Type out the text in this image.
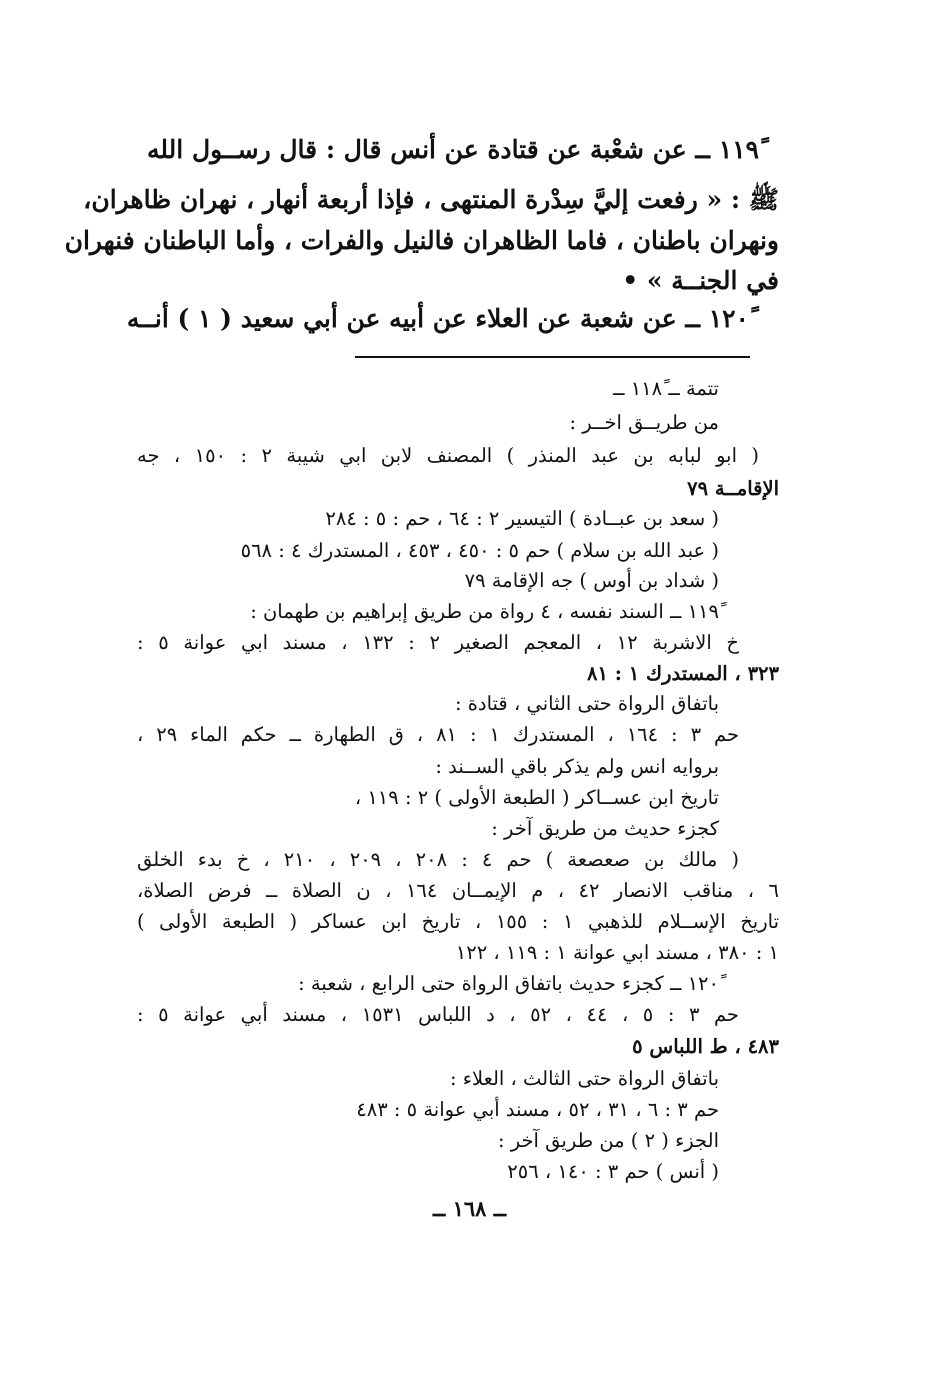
١١٩ً ــ عن شعْبة عن قتادة عن أنس قال : قال رســول الله
ﷺ : « رفعت إليَّ سِدْرة المنتهى ، فإذا أربعة أنهار ، نهران ظاهران،
ونهران باطنان ، فاما الظاهران فالنيل والفرات ، وأما الباطنان فنهران
في الجنــة » •
١٢٠ً ــ عن شعبة عن العلاء عن أبيه عن أبي سعيد ( ١ ) أنــه
تتمة ــ ١١٨ً ــ
من طريــق اخــر :
( ابو لبابه بن عبد المنذر ) المصنف لابن ابي شيبة ٢ : ١٥٠ ، جه
الإقامــة ٧٩
( سعد بن عبــادة ) التيسير ٢ : ٦٤ ، حم : ٥ : ٢٨٤
( عبد الله بن سلام ) حم ٥ : ٤٥٠ ، ٤٥٣ ، المستدرك ٤ : ٥٦٨
( شداد بن أوس ) جه الإقامة ٧٩
١١٩ً ــ السند نفسه ، ٤ رواة من طريق إبراهيم بن طهمان :
خ الاشربة ١٢ ، المعجم الصغير ٢ : ١٣٢ ، مسند ابي عوانة ٥ :
٣٢٣ ، المستدرك ١ : ٨١
باتفاق الرواة حتى الثاني ، قتادة :
حم ٣ : ١٦٤ ، المستدرك ١ : ٨١ ، ق الطهارة ــ حكم الماء ٢٩ ،
بروايه انس ولم يذكر باقي الســند :
تاريخ ابن عســاكر ( الطبعة الأولى ) ٢ : ١١٩ ،
كجزء حديث من طريق آخر :
( مالك بن صعصعة ) حم ٤ : ٢٠٨ ، ٢٠٩ ، ٢١٠ ، خ بدء الخلق
٦ ، مناقب الانصار ٤٢ ، م الإيمــان ١٦٤ ، ن الصلاة ــ فرض الصلاة،
تاريخ الإســلام للذهبي ١ : ١٥٥ ، تاريخ ابن عساكر ( الطبعة الأولى )
١ : ٣٨٠ ، مسند ابي عوانة ١ : ١١٩ ، ١٢٢
١٢٠ً ــ كجزء حديث باتفاق الرواة حتى الرابع ، شعبة :
حم ٣ : ٥ ، ٤٤ ، ٥٢ ، د اللباس ١٥٣١ ، مسند أبي عوانة ٥ :
٤٨٣ ، ط اللباس ٥
باتفاق الرواة حتى الثالث ، العلاء :
حم ٣ : ٦ ، ٣١ ، ٥٢ ، مسند أبي عوانة ٥ : ٤٨٣
الجزء ( ٢ ) من طريق آخر :
( أنس ) حم ٣ : ١٤٠ ، ٢٥٦
ــ ١٦٨ ــ
